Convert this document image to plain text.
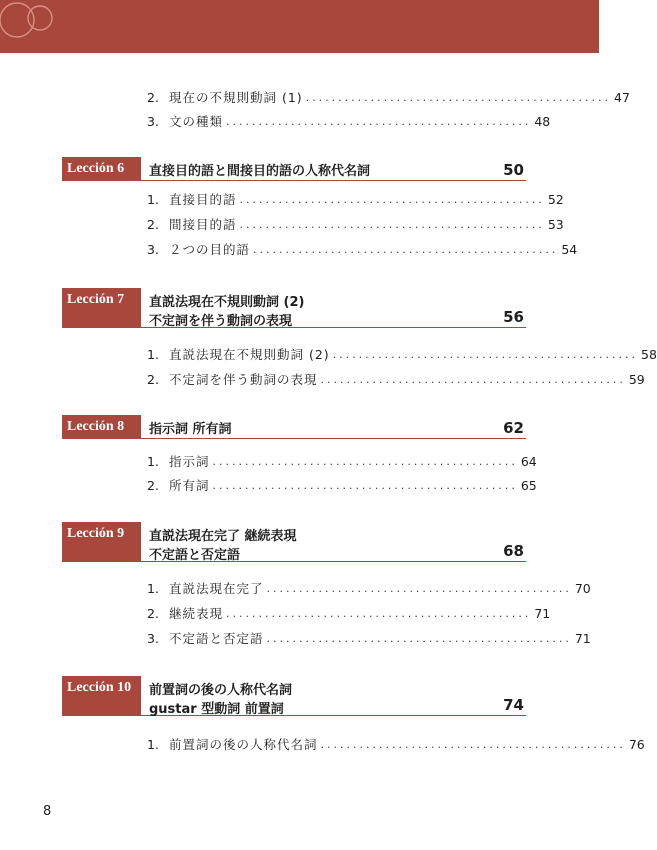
2. 現在の不規則動詞 (1) ............................................... 47
3. 文の種類 ............................................... 48
Lección 6	直接目的語と間接目的語の人称代名詞	50
1. 直接目的語 ............................................... 52
2. 間接目的語 ............................................... 53
3. ２つの目的語 ............................................... 54
Lección 7	直説法現在不規則動詞 (2)
不定詞を伴う動詞の表現	56
1. 直説法現在不規則動詞 (2) ............................................... 58
2. 不定詞を伴う動詞の表現 ............................................... 59
Lección 8	指示詞 所有詞	62
1. 指示詞 ............................................... 64
2. 所有詞 ............................................... 65
Lección 9	直説法現在完了 継続表現
不定語と否定語	68
1. 直説法現在完了 ............................................... 70
2. 継続表現 ............................................... 71
3. 不定語と否定語 ............................................... 71
Lección 10	前置詞の後の人称代名詞
gustar 型動詞 前置詞	74
1. 前置詞の後の人称代名詞 ............................................... 76
8
